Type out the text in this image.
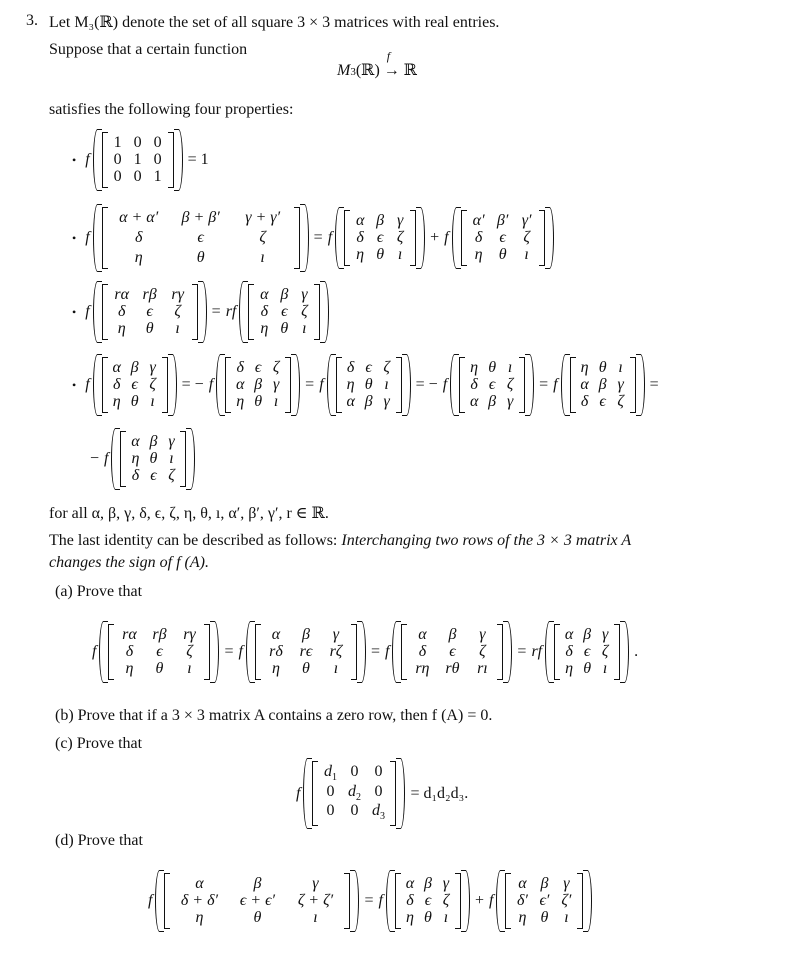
3. Let M₃(ℝ) denote the set of all square 3 × 3 matrices with real entries.
Suppose that a certain function
M3(ℝ)
f
→ ℝ
satisfies the following four properties:
• f
1 0 0
0 1 0
0 0 1
= 1
• f
α + α′	β + β′	γ + γ′
δ	ϵ	ζ
η	θ	ı
= f
α β γ
δ ϵ ζ
η θ ı
+ f
α′ β′ γ′
δ	ϵ	ζ
η	θ	ı
• f
rα rβ rγ
δ	ϵ	ζ
η	θ	ı
= rf
α β γ
δ ϵ ζ
η θ ı
• f
α β γ
δ ϵ ζ
η θ ı
= − f
δ ϵ ζ
α β γ
η θ ı
= f
δ ϵ ζ
η θ ı
α β γ
= − f
η θ ı
δ ϵ ζ
α β γ
= f
η θ ı
α β γ
δ ϵ ζ
=
− f
α β γ
η θ ı
δ ϵ ζ
for all α, β, γ, δ, ϵ, ζ, η, θ, ı, α′, β′, γ′, r ∈ ℝ.
The last identity can be described as follows: Interchanging two rows of the 3 × 3 matrix A
changes the sign of f (A).
(a) Prove that
f
rα rβ	rγ
δ	ϵ	ζ
η	θ	ı
= f
α	β	γ
rδ	rϵ	rζ
η	θ	ı
= f
α	β	γ
δ	ϵ	ζ
rη rθ	rı
= rf
α β γ
δ ϵ ζ
η θ ı
.
(b) Prove that if a 3 × 3 matrix A contains a zero row, then f (A) = 0.
(c) Prove that
f
$d_1$ 0	0
0 $d_2$ 0
0	0 $d_3$
= d₁d₂d₃.
(d) Prove that
f
α	β	γ
δ + δ′	ϵ + ϵ′	ζ + ζ′
η	θ	ı
= f
α β γ
δ ϵ ζ
η θ ı
+ f
α β γ
δ′ ϵ′ ζ′
η θ ı
